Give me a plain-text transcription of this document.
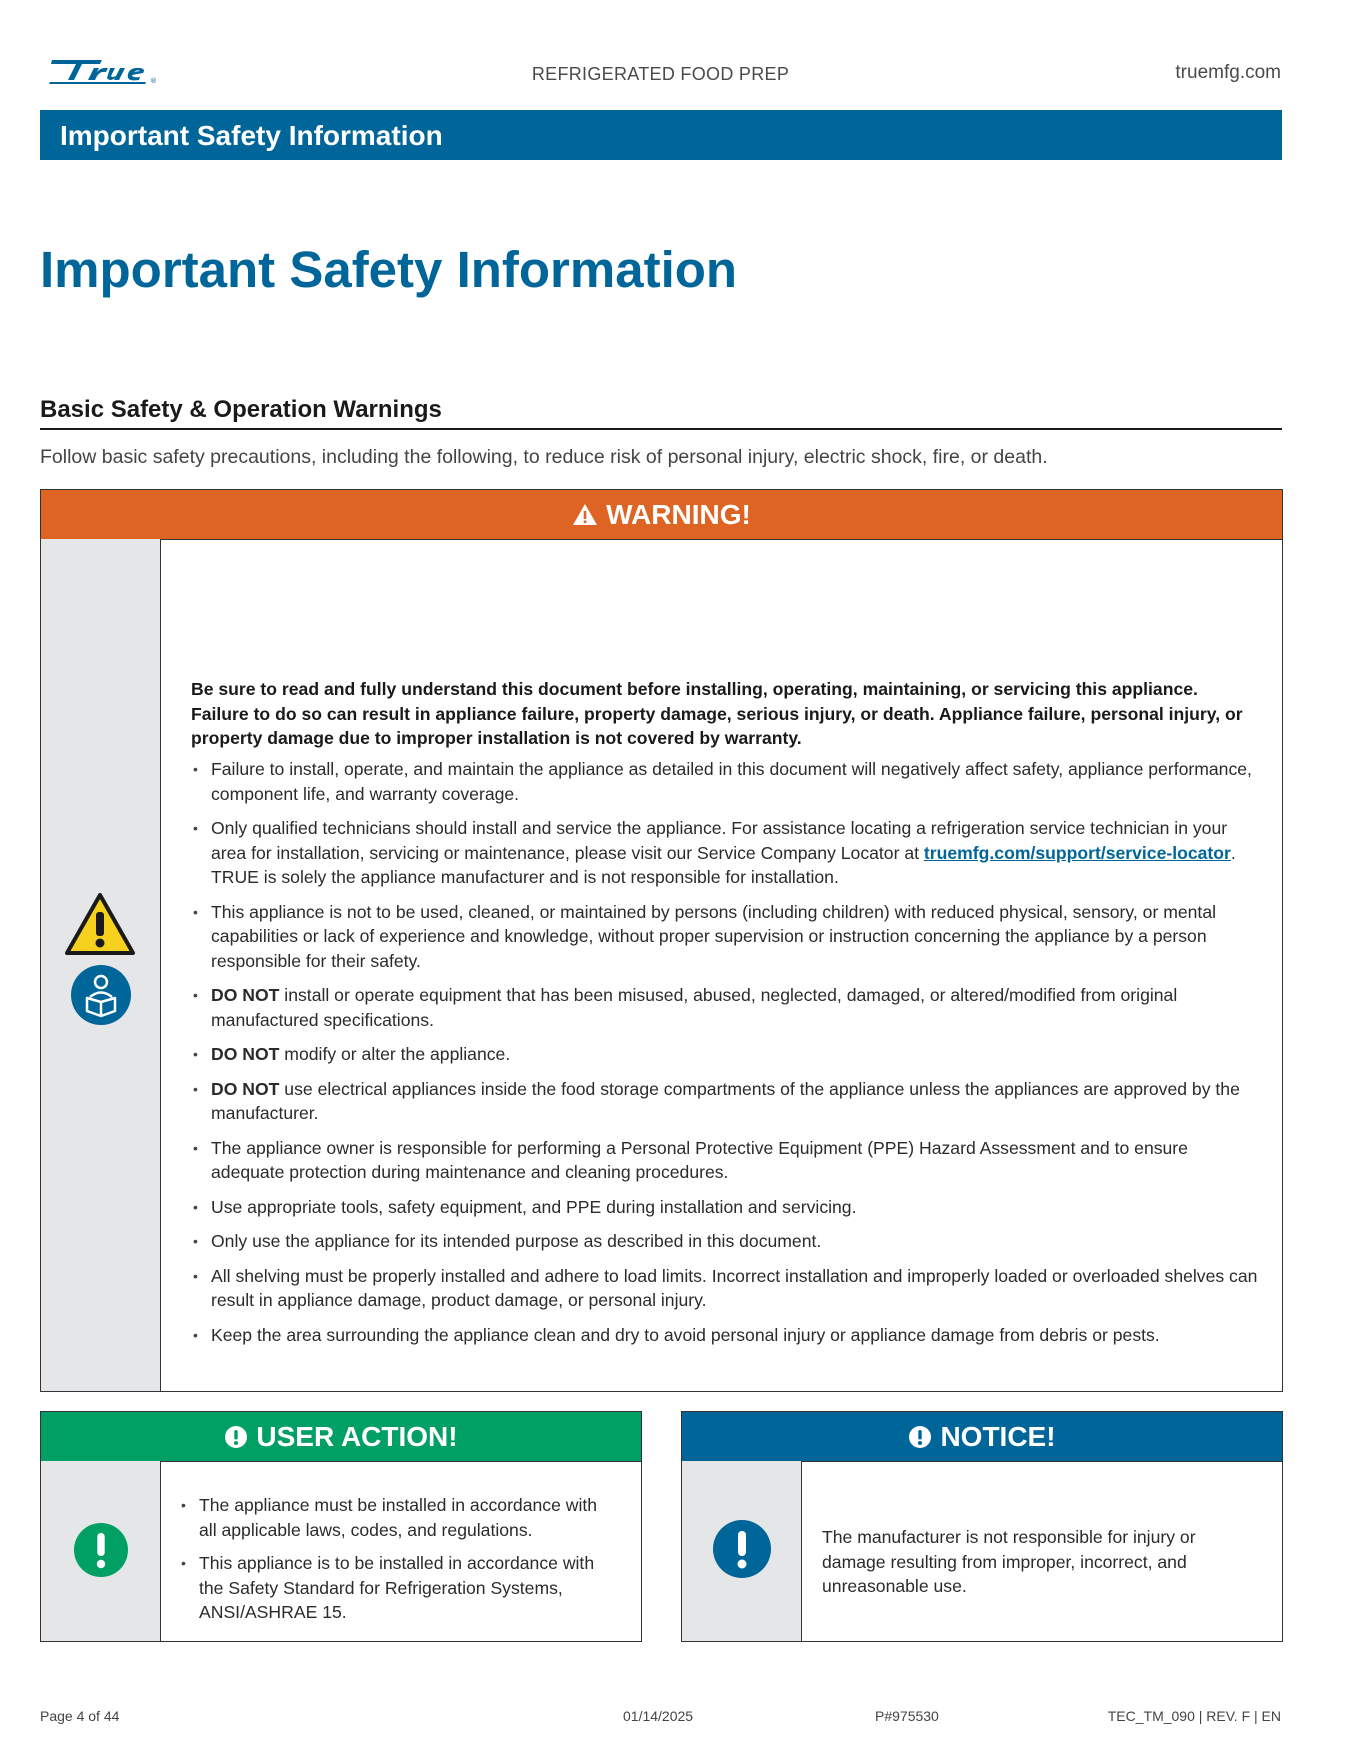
®	REFRIGERATED FOOD PREP	truemfg.com
Important Safety Information
Important Safety Information
Basic Safety & Operation Warnings
Follow basic safety precautions, including the following, to reduce risk of personal injury, electric shock, fire, or death.
WARNING!
Be sure to read and fully understand this document before installing, operating, maintaining, or servicing this appliance. Failure to do so can result in appliance failure, property damage, serious injury, or death. Appliance failure, personal injury, or property damage due to improper installation is not covered by warranty.
• Failure to install, operate, and maintain the appliance as detailed in this document will negatively affect safety, appliance performance, component life, and warranty coverage.
• Only qualified technicians should install and service the appliance. For assistance locating a refrigeration service technician in your area for installation, servicing or maintenance, please visit our Service Company Locator at truemfg.com/support/service-locator. TRUE is solely the appliance manufacturer and is not responsible for installation.
• This appliance is not to be used, cleaned, or maintained by persons (including children) with reduced physical, sensory, or mental capabilities or lack of experience and knowledge, without proper supervision or instruction concerning the appliance by a person responsible for their safety.
• DO NOT install or operate equipment that has been misused, abused, neglected, damaged, or altered/modified from original manufactured specifications.
• DO NOT modify or alter the appliance.
• DO NOT use electrical appliances inside the food storage compartments of the appliance unless the appliances are approved by the manufacturer.
• The appliance owner is responsible for performing a Personal Protective Equipment (PPE) Hazard Assessment and to ensure adequate protection during maintenance and cleaning procedures.
• Use appropriate tools, safety equipment, and PPE during installation and servicing.
• Only use the appliance for its intended purpose as described in this document.
• All shelving must be properly installed and adhere to load limits. Incorrect installation and improperly loaded or overloaded shelves can result in appliance damage, product damage, or personal injury.
• Keep the area surrounding the appliance clean and dry to avoid personal injury or appliance damage from debris or pests.
USER ACTION!
• The appliance must be installed in accordance with all applicable laws, codes, and regulations.
• This appliance is to be installed in accordance with the Safety Standard for Refrigeration Systems, ANSI/ASHRAE 15.
NOTICE!
The manufacturer is not responsible for injury or damage resulting from improper, incorrect, and unreasonable use.
Page 4 of 44	01/14/2025	P#975530	TEC_TM_090 | REV. F | EN
